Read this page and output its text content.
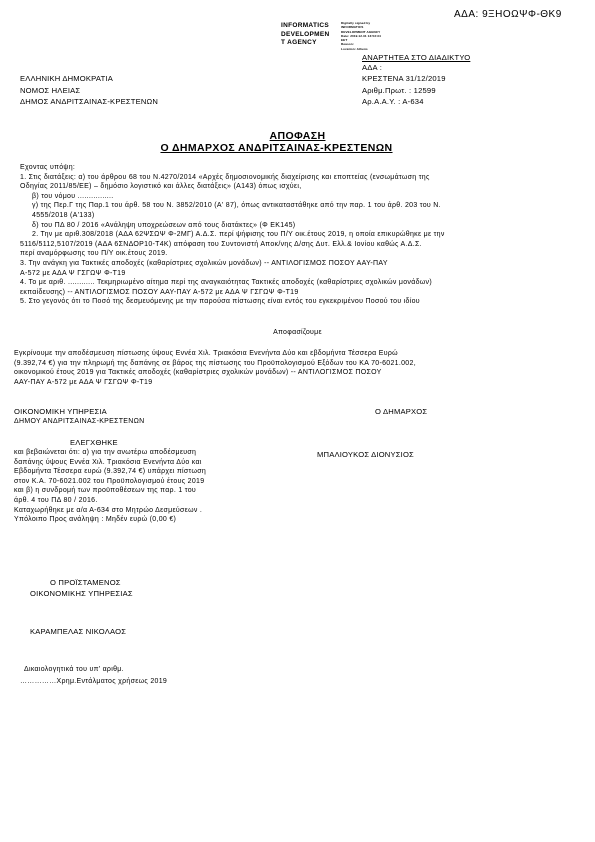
ΑΔΑ: 9ΞΗΟΩΨΦ-ΘΚ9
INFORMATICS
DEVELOPMEN
T AGENCY
Digitally signed by
INFORMATICS
DEVELOPMENT AGENCY
Date: 2019.12.31 13:53:34
EET
Reason:
Location: Athens
ΑΝΑΡΤΗΤΕΑ ΣΤΟ ΔΙΑΔΙΚΤΥΟ
ΑΔΑ :
ΚΡΕΣΤΕΝΑ 31/12/2019
Αριθμ.Πρωτ. : 12599
Αρ.Α.Α.Υ. : Α-634
ΕΛΛΗΝΙΚΗ ΔΗΜΟΚΡΑΤΙΑ
ΝΟΜΟΣ ΗΛΕΙΑΣ
ΔΗΜΟΣ ΑΝΔΡΙΤΣΑΙΝΑΣ-ΚΡΕΣΤΕΝΩΝ
ΑΠΟΦΑΣΗ
Ο ΔΗΜΑΡΧΟΣ ΑΝΔΡΙΤΣΑΙΝΑΣ-ΚΡΕΣΤΕΝΩΝ
Εχοντας υπόψη:
1. Στις διατάξεις: α) του άρθρου 68 του Ν.4270/2014 «Αρχές δημοσιονομικής διαχείρισης και εποπτείας (ενσωμάτωση της
Οδηγίας 2011/85/ΕΕ) – δημόσιο λογιστικό και άλλες διατάξεις» (Α143) όπως ισχύει,
β) του νόμου ................
γ) της Περ.Γ της Παρ.1 του άρθ. 58 του Ν. 3852/2010 (Α' 87), όπως αντικαταστάθηκε από την παρ. 1 του άρθ. 203 του Ν.
4555/2018 (Α'133)
δ) του ΠΔ 80 / 2016 «Ανάληψη υποχρεώσεων από τους διατάκτες» (Φ ΕΚ145)
2. Την με αριθ.308/2018 (ΑΔΑ 62ΨΣΩΨ Φ-2ΜΓ) Α.Δ.Σ. περί ψήφισης του Π/Υ οικ.έτους 2019, η οποία επικυρώθηκε με την
5116/5112,5107/2019 (ΑΔΑ 6ΣΝΔΟΡ10-Τ4Κ) απόφαση του Συντονιστή Αποκ/νης Δ/σης Δυτ. Ελλ.& Ιονίου καθώς Α.Δ.Σ.
περί αναμόρφωσης του Π/Υ οικ.έτους 2019.
3. Την ανάγκη για Τακτικές αποδοχές (καθαρίστριες σχολικών μονάδων) -- ΑΝΤΙΛΟΓΙΣΜΟΣ ΠΟΣΟΥ ΑΑΥ-ΠΑΥ
Α-572 με ΑΔΑ Ψ ΓΣΓΩΨ Φ-Τ19
4. Το με αριθ. ............ Τεκμηριωμένο αίτημα περί της αναγκαιότητας Τακτικές αποδοχές (καθαρίστριες σχολικών μονάδων)
εκπαίδευσης) -- ΑΝΤΙΛΟΓΙΣΜΟΣ ΠΟΣΟΥ ΑΑΥ-ΠΑΥ Α-572 με ΑΔΑ Ψ ΓΣΓΩΨ Φ-Τ19
5. Στο γεγονός ότι το Ποσό της δεσμευόμενης με την παρούσα πίστωσης είναι εντός του εγκεκριμένου Ποσού του ιδίου
Αποφασίζουμε
Εγκρίνουμε την αποδέσμευση πίστωσης ύψους Εννέα Χιλ. Τριακόσια Ενενήντα Δύο και εβδομήντα Τέσσερα Ευρώ
(9.392,74 €) για την πληρωμή της δαπάνης σε βάρος της πίστωσης του Προϋπολογισμού Εξόδων του ΚΑ 70-6021.002,
οικονομικού έτους 2019 για Τακτικές αποδοχές (καθαρίστριες σχολικών μονάδων) -- ΑΝΤΙΛΟΓΙΣΜΟΣ ΠΟΣΟΥ
ΑΑΥ-ΠΑΥ Α-572 με ΑΔΑ Ψ ΓΣΓΩΨ Φ-Τ19
ΟΙΚΟΝΟΜΙΚΗ ΥΠΗΡΕΣΙΑ
ΔΗΜΟΥ ΑΝΔΡΙΤΣΑΙΝΑΣ-ΚΡΕΣΤΕΝΩΝ
Ο ΔΗΜΑΡΧΟΣ
ΕΛΕΓΧΘΗΚΕ
ΜΠΑΛΙΟΥΚΟΣ ΔΙΟΝΥΣΙΟΣ
και βεβαιώνεται ότι: α) για την ανωτέρω αποδέσμευση
δαπάνης ύψους Εννέα Χιλ. Τριακόσια Ενενήντα Δύο και
Εβδομήντα Τέσσερα ευρώ (9.392,74 €) υπάρχει πίστωση
στον Κ.Α. 70-6021.002 του Προϋπολογισμού έτους 2019
και β) η συνδρομή των προϋποθέσεων της παρ. 1 του
άρθ. 4 του ΠΔ 80 / 2016.
Καταχωρήθηκε με α/α Α-634 στο Μητρώο Δεσμεύσεων .
Υπόλοιπο Προς ανάληψη : Μηδέν ευρώ (0,00 €)
Ο ΠΡΟΪΣΤΑΜΕΝΟΣ
ΟΙΚΟΝΟΜΙΚΗΣ ΥΠΗΡΕΣΙΑΣ
ΚΑΡΑΜΠΕΛΑΣ ΝΙΚΟΛΑΟΣ
Δικαιολογητικά του υπ' αριθμ.
……………Χρημ.Εντάλματος χρήσεως 2019
